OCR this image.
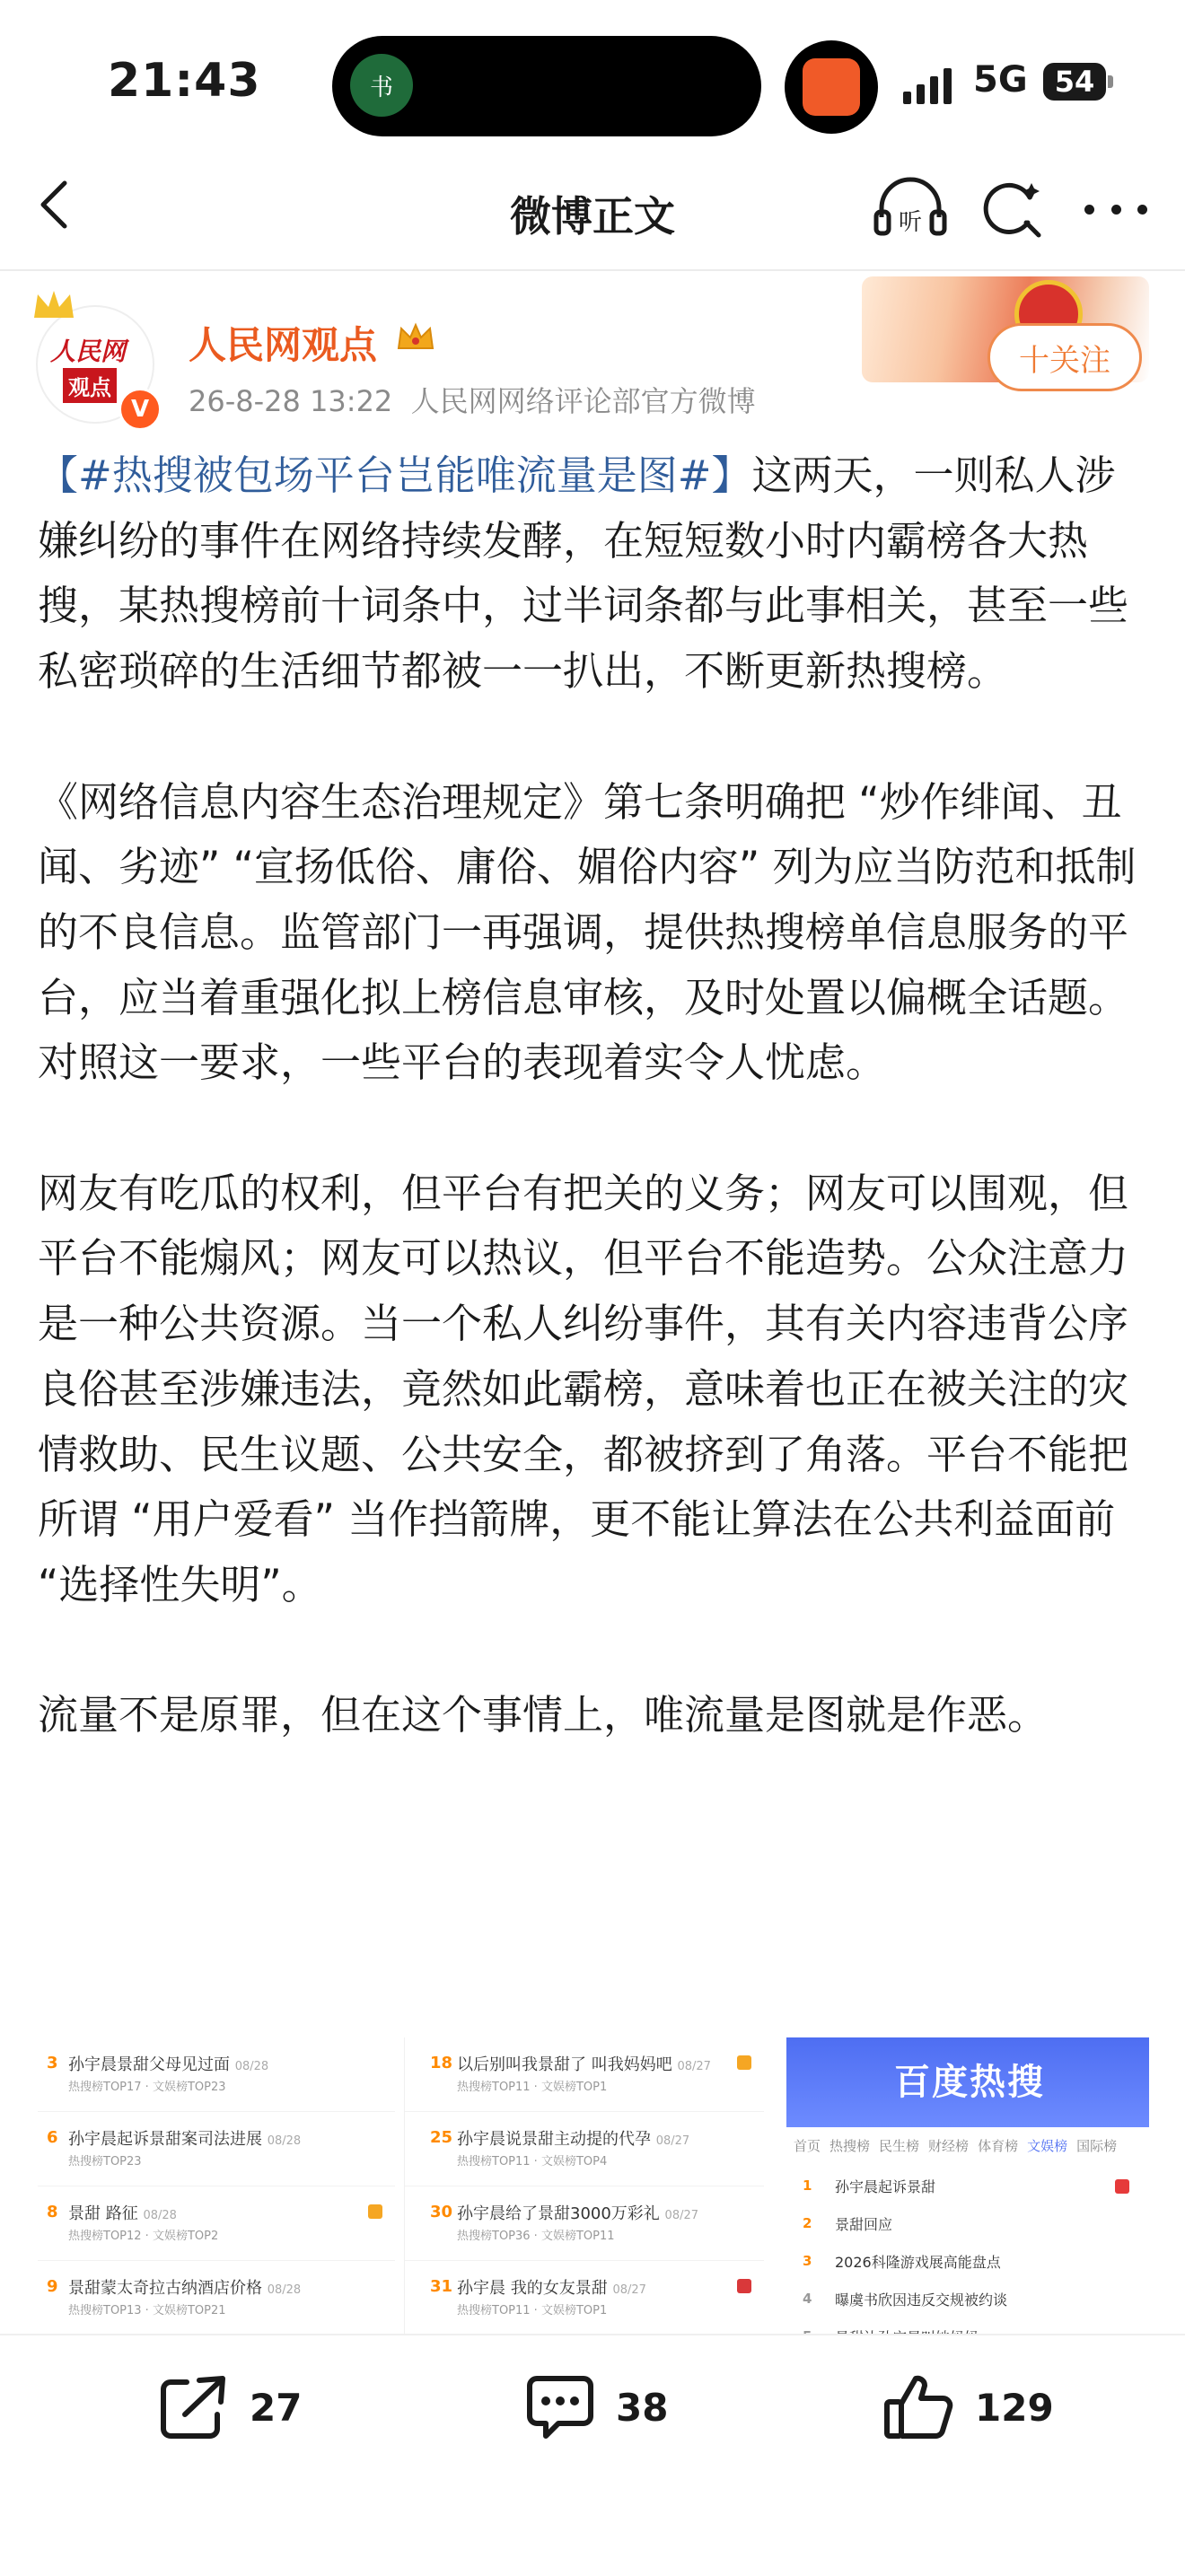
21:43	书	5G 54
微博正文	听
人民网
观点
V
人民网观点
26-8-28 13:22 人民网网络评论部官方微博
十关注

【#热搜被包场平台岂能唯流量是图#】这两天，一则私人涉嫌纠纷的事件在网络持续发酵，在短短数小时内霸榜各大热搜，某热搜榜前十词条中，过半词条都与此事相关，甚至一些私密琐碎的生活细节都被一一扒出，不断更新热搜榜。

《网络信息内容生态治理规定》第七条明确把 “炒作绯闻、丑闻、劣迹” “宣扬低俗、庸俗、媚俗内容” 列为应当防范和抵制的不良信息。监管部门一再强调，提供热搜榜单信息服务的平台，应当着重强化拟上榜信息审核，及时处置以偏概全话题。对照这一要求，一些平台的表现着实令人忧虑。

网友有吃瓜的权利，但平台有把关的义务；网友可以围观，但平台不能煽风；网友可以热议，但平台不能造势。公众注意力是一种公共资源。当一个私人纠纷事件，其有关内容违背公序良俗甚至涉嫌违法，竟然如此霸榜，意味着也正在被关注的灾情救助、民生议题、公共安全，都被挤到了角落。平台不能把所谓 “用户爱看” 当作挡箭牌，更不能让算法在公共利益面前 “选择性失明”。

流量不是原罪，但在这个事情上，唯流量是图就是作恶。

3 孙宇晨景甜父母见过面 08/28
热搜榜TOP17 · 文娱榜TOP23
6 孙宇晨起诉景甜案司法进展 08/28
热搜榜TOP23
8 景甜 路征 08/28
热搜榜TOP12 · 文娱榜TOP2
9 景甜蒙太奇拉古纳酒店价格 08/28
热搜榜TOP13 · 文娱榜TOP21
18 以后别叫我景甜了 叫我妈妈吧 08/27
热搜榜TOP11 · 文娱榜TOP1
25 孙宇晨说景甜主动提的代孕 08/27
热搜榜TOP11 · 文娱榜TOP4
30 孙宇晨给了景甜3000万彩礼 08/27
热搜榜TOP36 · 文娱榜TOP11
31 孙宇晨 我的女友景甜 08/27
热搜榜TOP11 · 文娱榜TOP1
百度热搜
首页 热搜榜 民生榜 财经榜 体育榜 文娱榜 国际榜
1	孙宇晨起诉景甜
2	景甜回应
3	2026科隆游戏展高能盘点
4	曝虞书欣因违反交规被约谈
27	38	129
